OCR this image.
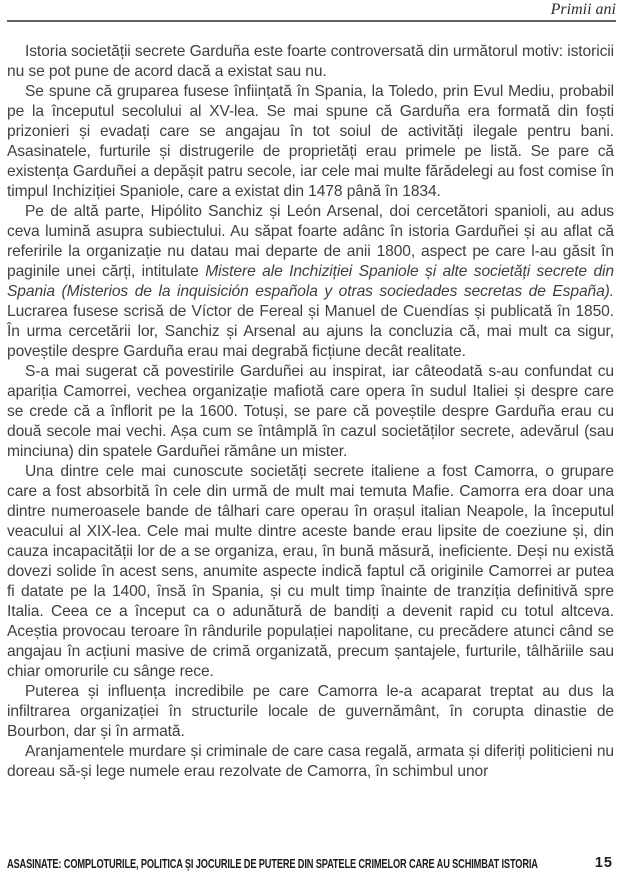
Primii ani

Istoria societății secrete Garduña este foarte controversată din următorul motiv: istoricii nu se pot pune de acord dacă a existat sau nu.

Se spune că gruparea fusese înființată în Spania, la Toledo, prin Evul Mediu, probabil pe la începutul secolului al XV-lea. Se mai spune că Garduña era formată din foști prizonieri și evadați care se angajau în tot soiul de activități ilegale pentru bani. Asasinatele, furturile și distrugerile de proprietăți erau primele pe listă. Se pare că existența Garduñei a depășit patru secole, iar cele mai multe fărădelegi au fost comise în timpul Inchiziției Spaniole, care a existat din 1478 până în 1834.

Pe de altă parte, Hipólito Sanchiz și León Arsenal, doi cercetători spanioli, au adus ceva lumină asupra subiectului. Au săpat foarte adânc în istoria Garduñei și au aflat că referirile la organizație nu datau mai departe de anii 1800, aspect pe care l-au găsit în paginile unei cărți, intitulate Mistere ale Inchiziției Spaniole și alte societăți secrete din Spania (Misterios de la inquisición española y otras sociedades secretas de España). Lucrarea fusese scrisă de Víctor de Fereal și Manuel de Cuendías și publicată în 1850. În urma cercetării lor, Sanchiz și Arsenal au ajuns la concluzia că, mai mult ca sigur, poveștile despre Garduña erau mai degrabă ficțiune decât realitate.

S-a mai sugerat că povestirile Garduñei au inspirat, iar câteodată s-au confundat cu apariția Camorrei, vechea organizație mafiotă care opera în sudul Italiei și despre care se crede că a înflorit pe la 1600. Totuși, se pare că poveștile despre Garduña erau cu două secole mai vechi. Așa cum se întâmplă în cazul societăților secrete, adevărul (sau minciuna) din spatele Garduñei rămâne un mister.

Una dintre cele mai cunoscute societăți secrete italiene a fost Camorra, o grupare care a fost absorbită în cele din urmă de mult mai temuta Mafie. Camorra era doar una dintre numeroasele bande de tâlhari care operau în orașul italian Neapole, la începutul veacului al XIX-lea. Cele mai multe dintre aceste bande erau lipsite de coeziune și, din cauza incapacității lor de a se organiza, erau, în bună măsură, ineficiente. Deși nu există dovezi solide în acest sens, anumite aspecte indică faptul că originile Camorrei ar putea fi datate pe la 1400, însă în Spania, și cu mult timp înainte de tranziția definitivă spre Italia. Ceea ce a început ca o adunătură de bandiți a devenit rapid cu totul altceva. Aceștia provocau teroare în rândurile populației napolitane, cu precădere atunci când se angajau în acțiuni masive de crimă organizată, precum șantajele, furturile, tâlhăriile sau chiar omorurile cu sânge rece.

Puterea și influența incredibile pe care Camorra le-a acaparat treptat au dus la infiltrarea organizației în structurile locale de guvernământ, în corupta dinastie de Bourbon, dar și în armată.

Aranjamentele murdare și criminale de care casa regală, armata și diferiți politicieni nu doreau să-și lege numele erau rezolvate de Camorra, în schimbul unor

ASASINATE: COMPLOTURILE, POLITICA ȘI JOCURILE DE PUTERE DIN SPATELE CRIMELOR CARE AU SCHIMBAT ISTORIA	15
